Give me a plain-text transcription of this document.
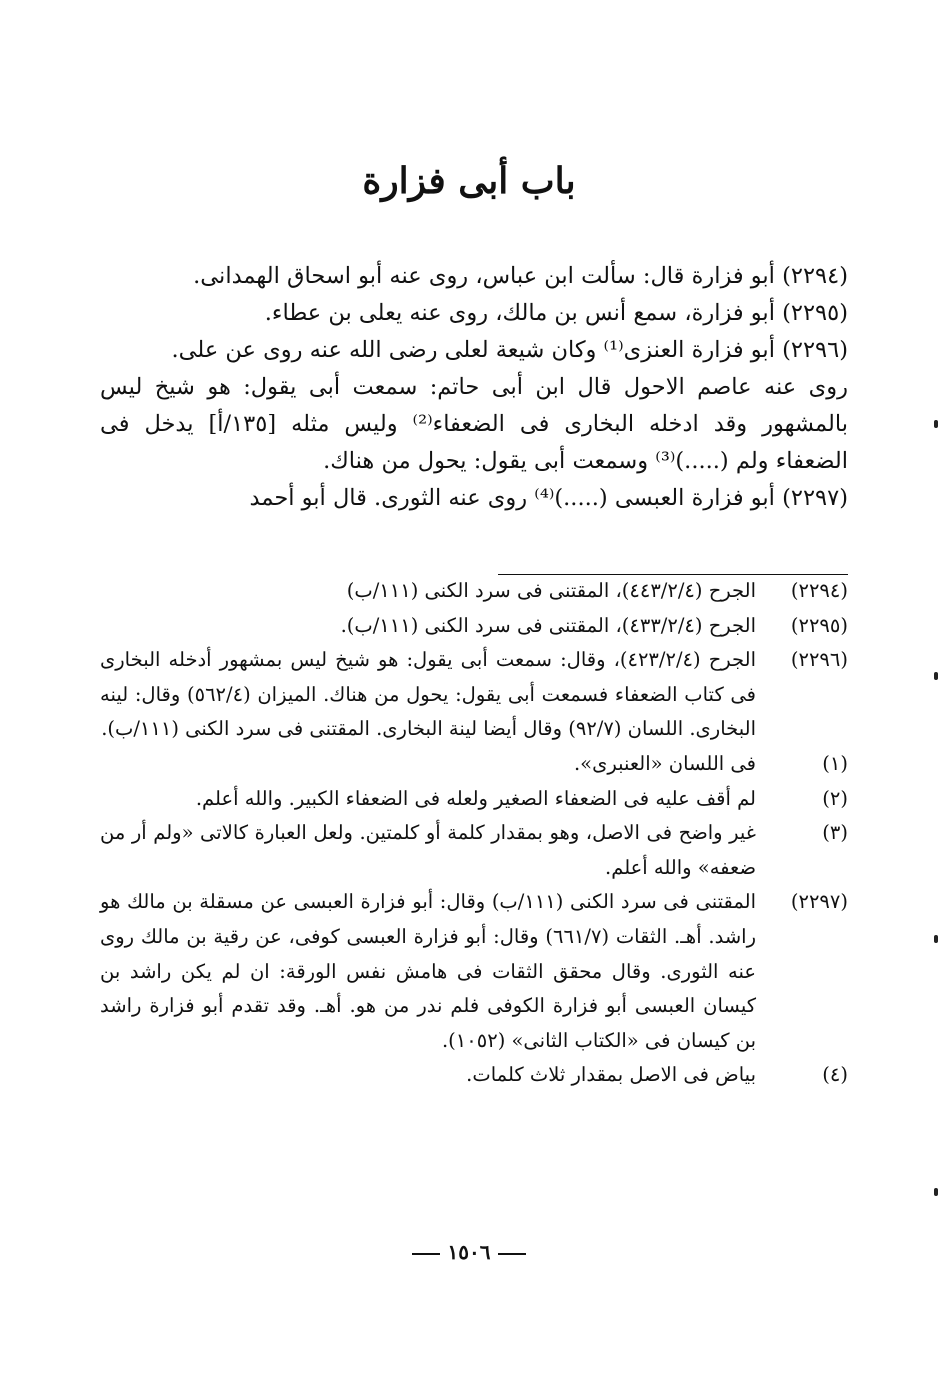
باب أبى فزارة

(٢٢٩٤) أبو فزارة قال: سألت ابن عباس، روى عنه أبو اسحاق الهمدانى.

(٢٢٩٥) أبو فزارة، سمع أنس بن مالك، روى عنه يعلى بن عطاء.

(٢٢٩٦) أبو فزارة العنزى⁽¹⁾ وكان شيعة لعلى رضى الله عنه روى عن على.

روى عنه عاصم الاحول قال ابن أبى حاتم: سمعت أبى يقول: هو شيخ ليس بالمشهور وقد ادخله البخارى فى الضعفاء⁽²⁾ وليس مثله [١٣٥/أ] يدخل فى الضعفاء ولم (.....)⁽³⁾ وسمعت أبى يقول: يحول من هناك.

(٢٢٩٧) أبو فزارة العبسى (.....)⁽⁴⁾ روى عنه الثورى. قال أبو أحمد

(٢٢٩٤)
الجرح (٤٤٣/٢/٤)، المقتنى فى سرد الكنى (١١١/ب)
(٢٢٩٥)
الجرح (٤٣٣/٢/٤)، المقتنى فى سرد الكنى (١١١/ب).
(٢٢٩٦)
الجرح (٤٢٣/٢/٤)، وقال: سمعت أبى يقول: هو شيخ ليس بمشهور أدخله البخارى فى كتاب الضعفاء فسمعت أبى يقول: يحول من هناك. الميزان (٥٦٢/٤) وقال: لينه البخارى. اللسان (٩٢/٧) وقال أيضا لينة البخارى. المقتنى فى سرد الكنى (١١١/ب).
(١)
فى اللسان «العنبرى».
(٢)
لم أقف عليه فى الضعفاء الصغير ولعله فى الضعفاء الكبير. والله أعلم.
(٣)
غير واضح فى الاصل، وهو بمقدار كلمة أو كلمتين. ولعل العبارة كالاتى «ولم أر من ضعفه» والله أعلم.
(٢٢٩٧)
المقتنى فى سرد الكنى (١١١/ب) وقال: أبو فزارة العبسى عن مسقلة بن مالك هو راشد. أهـ. الثقات (٦٦١/٧) وقال: أبو فزارة العبسى كوفى، عن رقية بن مالك روى عنه الثورى. وقال محقق الثقات فى هامش نفس الورقة: ان لم يكن راشد بن كيسان العبسى أبو فزارة الكوفى فلم ندر من هو. أهـ. وقد تقدم أبو فزارة راشد بن كيسان فى «الكتاب الثانى» (١٠٥٢).
(٤)
بياض فى الاصل بمقدار ثلاث كلمات.
١٥٠٦
